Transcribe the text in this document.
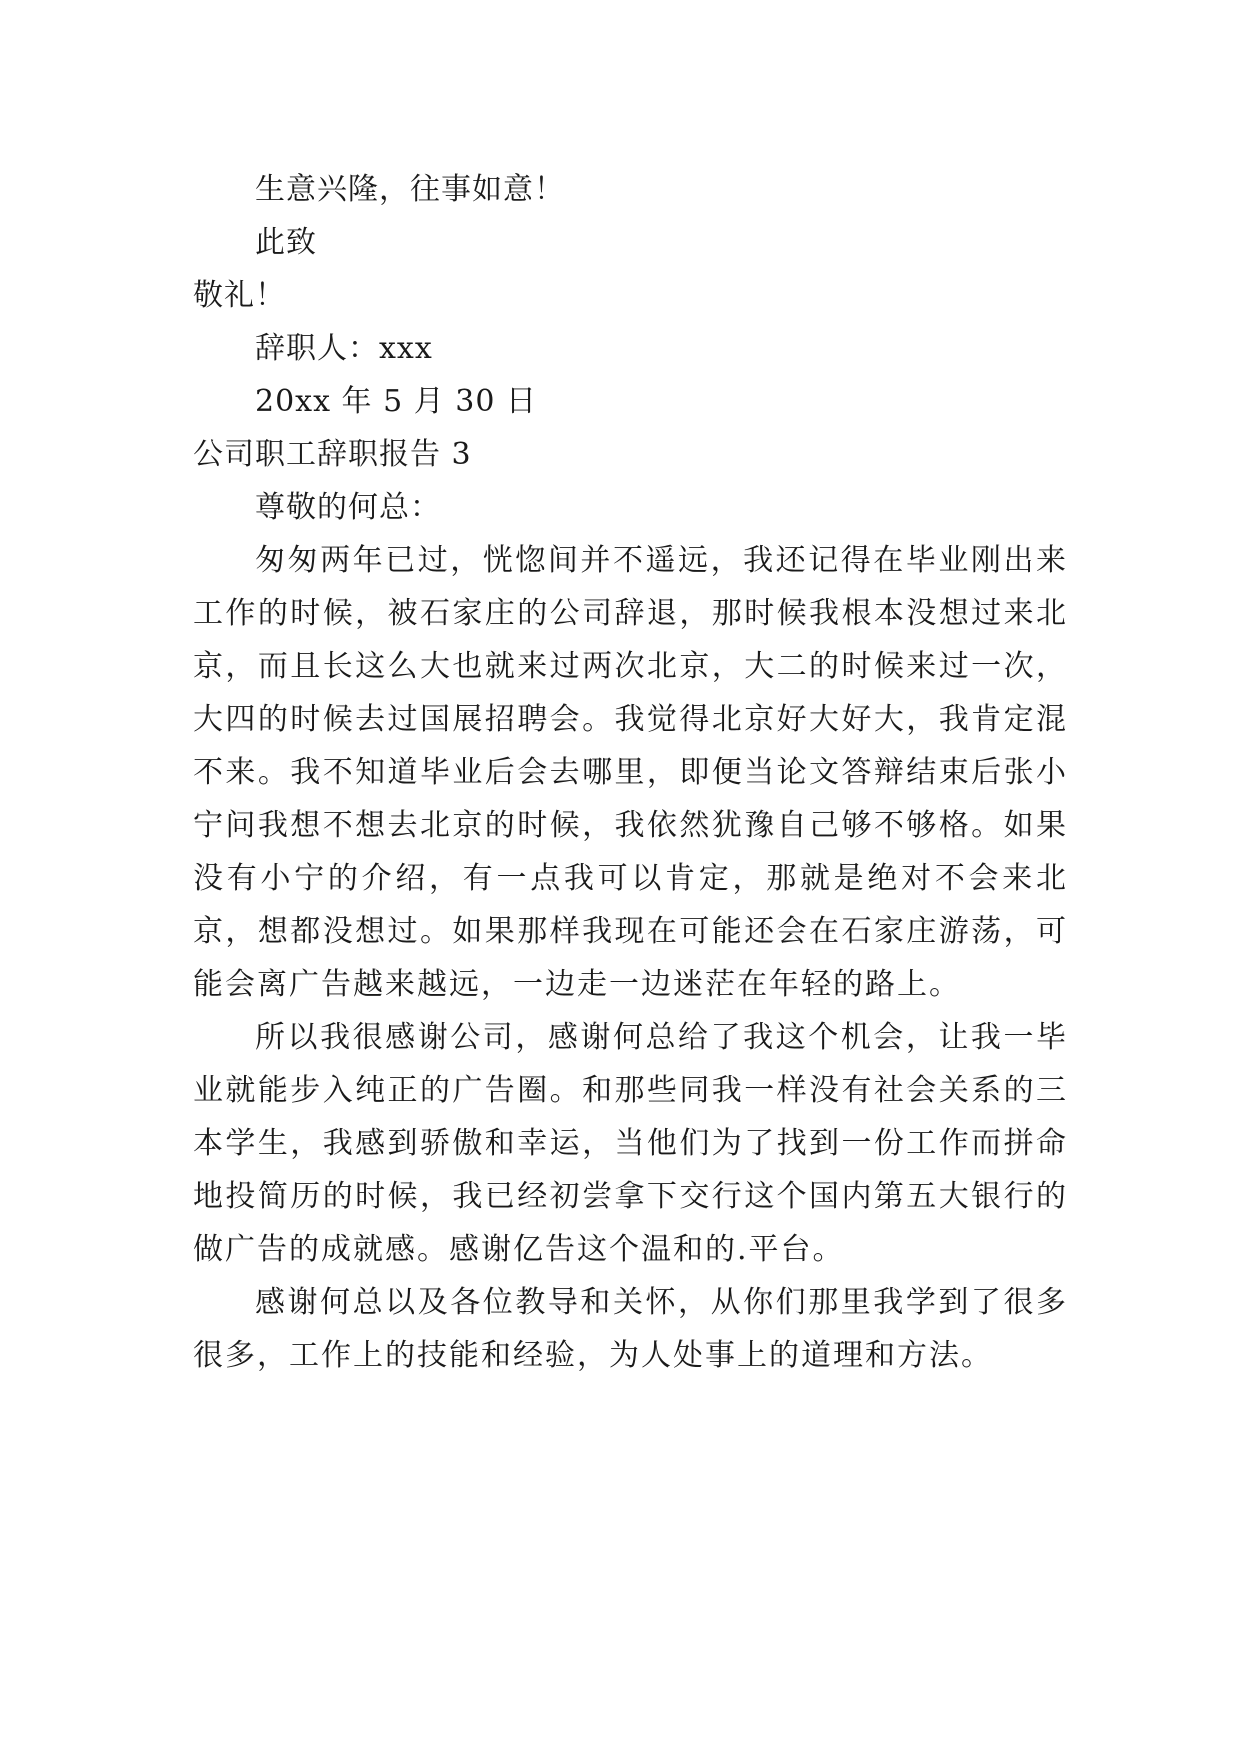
生意兴隆，往事如意！
此致
敬礼！
辞职人：xxx
20xx 年 5 月 30 日
公司职工辞职报告 3
尊敬的何总：

匆匆两年已过，恍惚间并不遥远，我还记得在毕业刚出来工作的时候，被石家庄的公司辞退，那时候我根本没想过来北京，而且长这么大也就来过两次北京，大二的时候来过一次，大四的时候去过国展招聘会。我觉得北京好大好大，我肯定混不来。我不知道毕业后会去哪里，即便当论文答辩结束后张小宁问我想不想去北京的时候，我依然犹豫自己够不够格。如果没有小宁的介绍，有一点我可以肯定，那就是绝对不会来北京，想都没想过。如果那样我现在可能还会在石家庄游荡，可能会离广告越来越远，一边走一边迷茫在年轻的路上。

所以我很感谢公司，感谢何总给了我这个机会，让我一毕业就能步入纯正的广告圈。和那些同我一样没有社会关系的三本学生，我感到骄傲和幸运，当他们为了找到一份工作而拼命地投简历的时候，我已经初尝拿下交行这个国内第五大银行的做广告的成就感。感谢亿告这个温和的.平台。

感谢何总以及各位教导和关怀，从你们那里我学到了很多很多，工作上的技能和经验，为人处事上的道理和方法。
